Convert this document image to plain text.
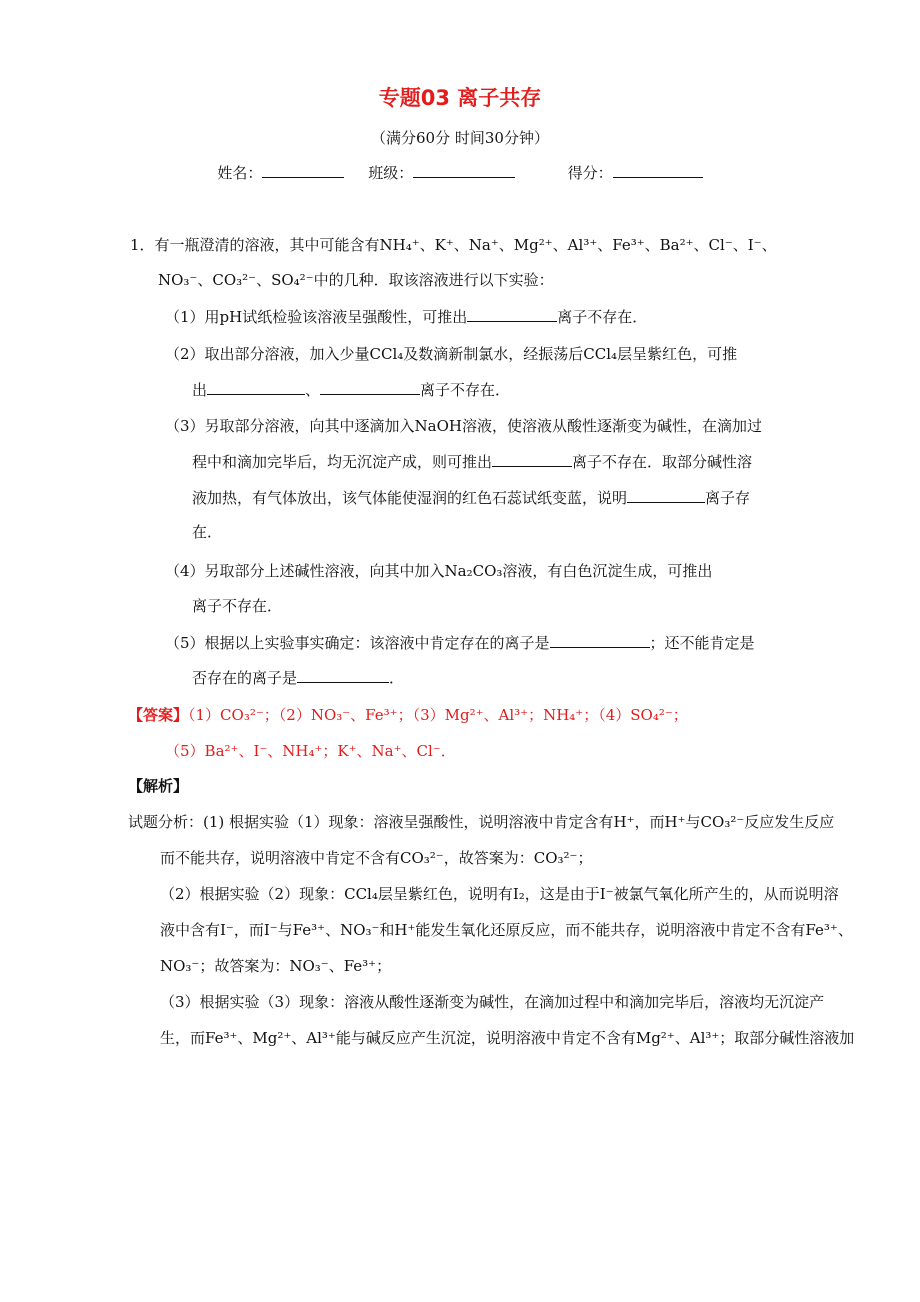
专题03 离子共存
（满分60分 时间30分钟）
姓名：	班级：	得分：
1．有一瓶澄清的溶液，其中可能含有NH₄⁺、K⁺、Na⁺、Mg²⁺、Al³⁺、Fe³⁺、Ba²⁺、Cl⁻、I⁻、
NO₃⁻、CO₃²⁻、SO₄²⁻中的几种．取该溶液进行以下实验：
（1）用pH试纸检验该溶液呈强酸性，可推出	离子不存在．
（2）取出部分溶液，加入少量CCl₄及数滴新制氯水，经振荡后CCl₄层呈紫红色，可推
出	、	离子不存在．
（3）另取部分溶液，向其中逐滴加入NaOH溶液，使溶液从酸性逐渐变为碱性，在滴加过
程中和滴加完毕后，均无沉淀产成，则可推出	离子不存在．取部分碱性溶
液加热，有气体放出，该气体能使湿润的红色石蕊试纸变蓝，说明	离子存
在．
（4）另取部分上述碱性溶液，向其中加入Na₂CO₃溶液，有白色沉淀生成，可推出
离子不存在．
（5）根据以上实验事实确定：该溶液中肯定存在的离子是	；还不能肯定是
否存在的离子是	．
【答案】（1）CO₃²⁻；（2）NO₃⁻、Fe³⁺；（3）Mg²⁺、Al³⁺；NH₄⁺；（4）SO₄²⁻；
（5）Ba²⁺、I⁻、NH₄⁺；K⁺、Na⁺、Cl⁻．
【解析】
试题分析：(1) 根据实验（1）现象：溶液呈强酸性，说明溶液中肯定含有H⁺，而H⁺与CO₃²⁻反应发生反应
而不能共存，说明溶液中肯定不含有CO₃²⁻，故答案为：CO₃²⁻；
（2）根据实验（2）现象：CCl₄层呈紫红色，说明有I₂，这是由于I⁻被氯气氧化所产生的，从而说明溶
液中含有I⁻，而I⁻与Fe³⁺、NO₃⁻和H⁺能发生氧化还原反应，而不能共存，说明溶液中肯定不含有Fe³⁺、
NO₃⁻；故答案为：NO₃⁻、Fe³⁺；
（3）根据实验（3）现象：溶液从酸性逐渐变为碱性，在滴加过程中和滴加完毕后，溶液均无沉淀产
生，而Fe³⁺、Mg²⁺、Al³⁺能与碱反应产生沉淀，说明溶液中肯定不含有Mg²⁺、Al³⁺；取部分碱性溶液加
